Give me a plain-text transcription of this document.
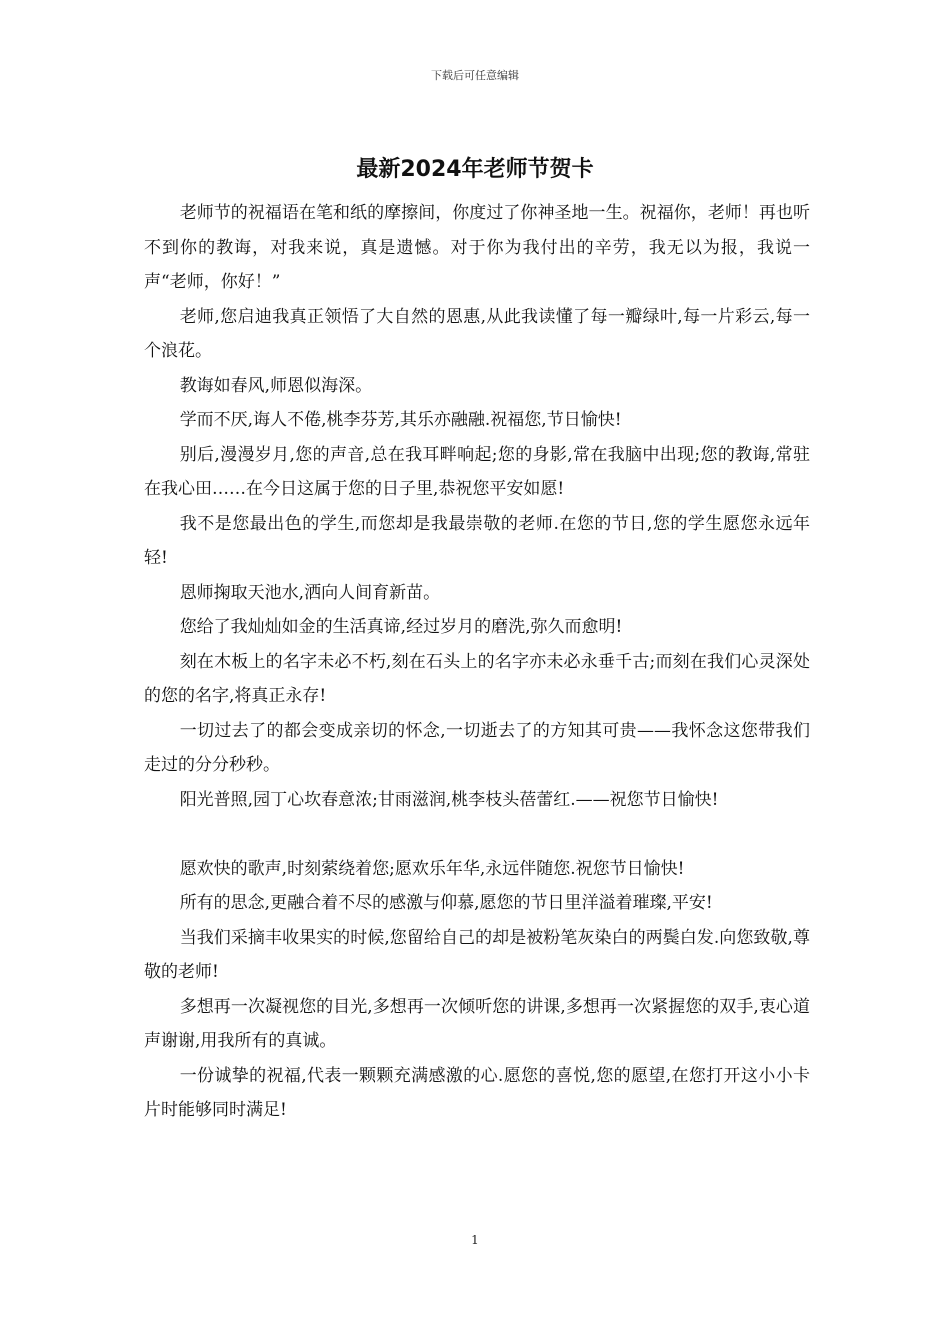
下载后可任意编辑
最新2024年老师节贺卡

老师节的祝福语在笔和纸的摩擦间，你度过了你神圣地一生。祝福你，老师！再也听不到你的教诲，对我来说，真是遗憾。对于你为我付出的辛劳，我无以为报，我说一声“老师，你好！”

老师,您启迪我真正领悟了大自然的恩惠,从此我读懂了每一瓣绿叶,每一片彩云,每一个浪花。

教诲如春风,师恩似海深。

学而不厌,诲人不倦,桃李芬芳,其乐亦融融.祝福您,节日愉快!

别后,漫漫岁月,您的声音,总在我耳畔响起;您的身影,常在我脑中出现;您的教诲,常驻在我心田……在今日这属于您的日子里,恭祝您平安如愿!

我不是您最出色的学生,而您却是我最崇敬的老师.在您的节日,您的学生愿您永远年轻!

恩师掬取天池水,洒向人间育新苗。

您给了我灿灿如金的生活真谛,经过岁月的磨洗,弥久而愈明!

刻在木板上的名字未必不朽,刻在石头上的名字亦未必永垂千古;而刻在我们心灵深处的您的名字,将真正永存!

一切过去了的都会变成亲切的怀念,一切逝去了的方知其可贵——我怀念这您带我们走过的分分秒秒。

阳光普照,园丁心坎春意浓;甘雨滋润,桃李枝头蓓蕾红.——祝您节日愉快!

愿欢快的歌声,时刻萦绕着您;愿欢乐年华,永远伴随您.祝您节日愉快!

所有的思念,更融合着不尽的感激与仰慕,愿您的节日里洋溢着璀璨,平安!

当我们采摘丰收果实的时候,您留给自己的却是被粉笔灰染白的两鬓白发.向您致敬,尊敬的老师!

多想再一次凝视您的目光,多想再一次倾听您的讲课,多想再一次紧握您的双手,衷心道声谢谢,用我所有的真诚。

一份诚挚的祝福,代表一颗颗充满感激的心.愿您的喜悦,您的愿望,在您打开这小小卡片时能够同时满足!

1
